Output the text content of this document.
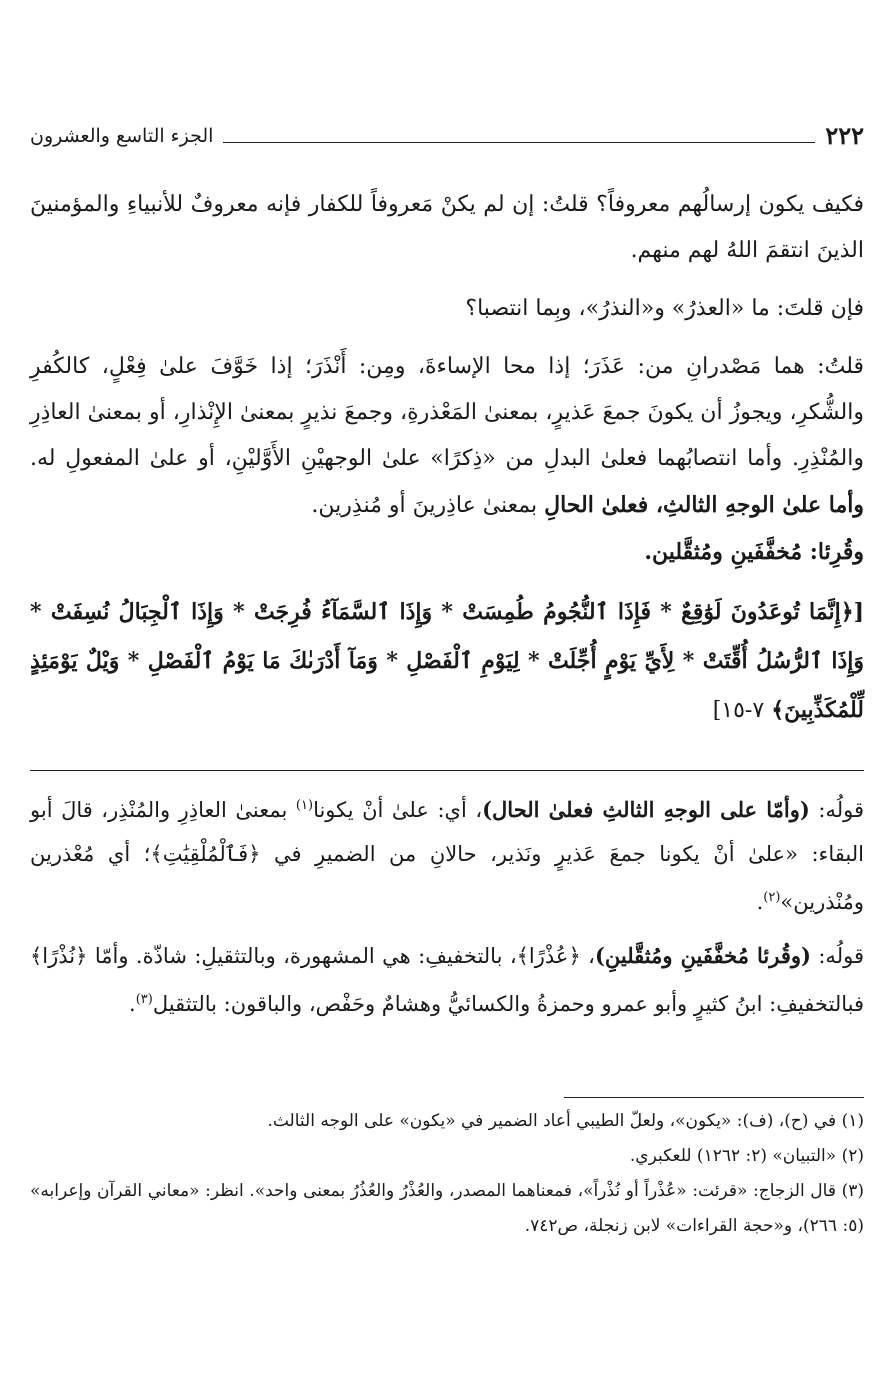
٢٢٢
الجزء التاسع والعشرون

فكيف يكون إرسالُهم معروفاً؟ قلتُ: إن لم يكنْ مَعروفاً للكفار فإنه معروفٌ للأنبياءِ والمؤمنينَ الذينَ انتقمَ اللهُ لهم منهم.

فإن قلتَ: ما «العذرُ» و«النذرُ»، وبِما انتصبا؟

قلتُ: هما مَصْدرانِ من: عَذَرَ؛ إذا محا الإساءةَ، ومِن: أَنْذَرَ؛ إذا خَوَّفَ علىٰ فِعْلٍ، كالكُفرِ والشُّكرِ، ويجوزُ أن يكونَ جمعَ عَذيرٍ، بمعنىٰ المَعْذرةِ، وجمعَ نذيرٍ بمعنىٰ الإِنْذارِ، أو بمعنىٰ العاذِرِ والمُنْذِرِ. وأما انتصابُهما فعلىٰ البدلِ من «ذِكرًا» علىٰ الوجهيْنِ الأَوَّليْنِ، أو علىٰ المفعولِ له. وأما علىٰ الوجهِ الثالثِ، فعلىٰ الحالِ بمعنىٰ عاذِرينَ أو مُنذِرين.
وقُرِئا: مُخفَّفَينِ ومُثقَّلين.

[﴿إِنَّمَا تُوعَدُونَ لَوَٰقِعٌ * فَإِذَا ٱلنُّجُومُ طُمِسَتْ * وَإِذَا ٱلسَّمَآءُ فُرِجَتْ * وَإِذَا ٱلْجِبَالُ نُسِفَتْ * وَإِذَا ٱلرُّسُلُ أُقِّتَتْ * لِأَيِّ يَوْمٍ أُجِّلَتْ * لِيَوْمِ ٱلْفَصْلِ * وَمَآ أَدْرَىٰكَ مَا يَوْمُ ٱلْفَصْلِ * وَيْلٌ يَوْمَئِذٍ لِّلْمُكَذِّبِينَ﴾ ٧-١٥]

قولُه: (وأمّا على الوجهِ الثالثِ فعلىٰ الحال)، أي: علىٰ أنْ يكونا$^{(١)}$ بمعنىٰ العاذِرِ والمُنْذِر، قالَ أبو البقاء: «علىٰ أنْ يكونا جمعَ عَذيرٍ ونَذير، حالانِ من الضميرِ في ﴿فَٱلْمُلْقِيَٰتِ﴾؛ أي مُعْذرين ومُنْذرين»$^{(٢)}$.

قولُه: (وقُرئا مُخفَّفَينِ ومُثقَّلينِ)، ﴿عُذْرًا﴾، بالتخفيفِ: هي المشهورة، وبالتثقيلِ: شاذّة. وأمّا ﴿نُذْرًا﴾ فبالتخفيفِ: ابنُ كثيرٍ وأبو عمرو وحمزةُ والكسائيُّ وهشامٌ وحَفْص، والباقون: بالتثقيل$^{(٣)}$.

(١) في (ح)، (ف): «يكون»، ولعلّ الطيبي أعاد الضمير في «يكون» على الوجه الثالث.

(٢) «التبيان» (٢: ١٢٦٢) للعكبري.

(٣) قال الزجاج: «قرئت: «عُذْراً أو نُذْراً»، فمعناهما المصدر، والعُذْرُ والعُذُرُ بمعنى واحد». انظر: «معاني القرآن وإعرابه» (٥: ٢٦٦)، و«حجة القراءات» لابن زنجلة، ص٧٤٢.
